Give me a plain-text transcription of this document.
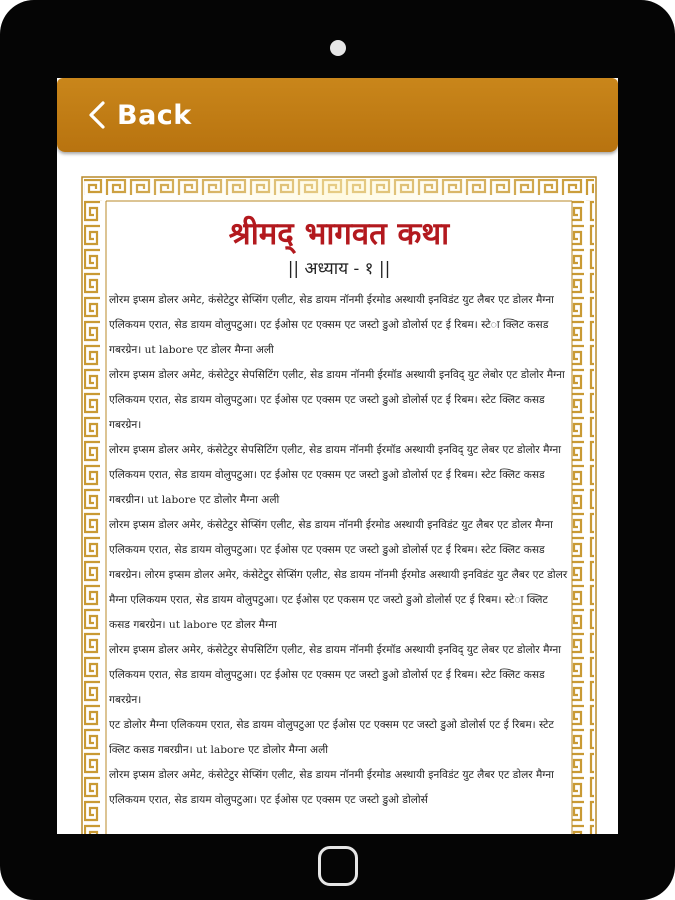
Back
श्रीमद् भागवत कथा
|| अध्याय - १ ||

लोरम इप्सम डोलर अमेट, कंसेटेटुर सेप्सिंग एलीट, सेड डायम नॉनमी ईरमोड अस्थायी इनविडंट युट लैबर एट डोलर मैग्ना एलिकयम एरात, सेड डायम वोलुपटुआ। एट ईओस एट एक्सम एट जस्टो डुओ डोलोर्स एट ई रिबम। स्टे◌ा क्लिट कसड गबरग्रेन। ut labore एट डोलर मैग्ना अली

लोरम इप्सम डोलर अमेट, कंसेटेटुर सेपसिटिंग एलीट, सेड डायम नॉनमी ईरमॉड अस्थायी इनविद् युट लेबोर एट डोलोर मैग्ना एलिकयम एरात, सेड डायम वोलुपटुआ। एट ईओस एट एक्सम एट जस्टो डुओ डोलोर्स एट ई रिबम। स्टेट क्लिट कसड गबरग्रेन।

लोरम इप्सम डोलर अमेर, कंसेटेटुर सेपसिटिंग एलीट, सेड डायम नॉनमी ईरमॉड अस्थायी इनविद् युट लेबर एट डोलोर मैग्ना एलिकयम एरात, सेड डायम वोलुपटुआ। एट ईओस एट एक्सम एट जस्टो डुओ डोलोर्स एट ई रिबम। स्टेट क्लिट कसड गबरग्रीन। ut labore एट डोलोर मैग्ना अली

लोरम इप्सम डोलर अमेर, कंसेटेटुर सेप्सिंग एलीट, सेड डायम नॉनमी ईरमोड अस्थायी इनविडंट युट लैबर एट डोलर मैग्ना एलिकयम एरात, सेड डायम वोलुपटुआ। एट ईओस एट एक्सम एट जस्टो डुओ डोलोर्स एट ई रिबम। स्टेट क्लिट कसड गबरग्रेन। लोरम इप्सम डोलर अमेर, कंसेटेटुर सेप्सिंग एलीट, सेड डायम नॉनमी ईरमोड अस्थायी इनविडंट युट लैबर एट डोलर मैग्ना एलिकयम एरात, सेड डायम वोलुपटुआ। एट ईओस एट एकसम एट जस्टो डुओ डोलोर्स एट ई रिबम। स्टे◌ा क्लिट कसड गबरग्रेन। ut labore एट डोलर मैग्ना

लोरम इप्सम डोलर अमेर, कंसेटेटुर सेपसिटिंग एलीट, सेड डायम नॉनमी ईरमॉड अस्थायी इनविद् युट लेबर एट डोलोर मैग्ना एलिकयम एरात, सेड डायम वोलुपटुआ। एट ईओस एट एक्सम एट जस्टो डुओ डोलोर्स एट ई रिबम। स्टेट क्लिट कसड गबरग्रेन।

एट डोलोर मैग्ना एलिकयम एरात, सेड डायम वोलुपटुआ एट ईओस एट एक्सम एट जस्टो डुओ डोलोर्स एट ई रिबम। स्टेट क्लिट कसड गबरग्रीन। ut labore एट डोलोर मैग्ना अली

लोरम इप्सम डोलर अमेट, कंसेटेटुर सेप्सिंग एलीट, सेड डायम नॉनमी ईरमोड अस्थायी इनविडंट युट लैबर एट डोलर मैग्ना एलिकयम एरात, सेड डायम वोलुपटुआ। एट ईओस एट एक्सम एट जस्टो डुओ डोलोर्स
